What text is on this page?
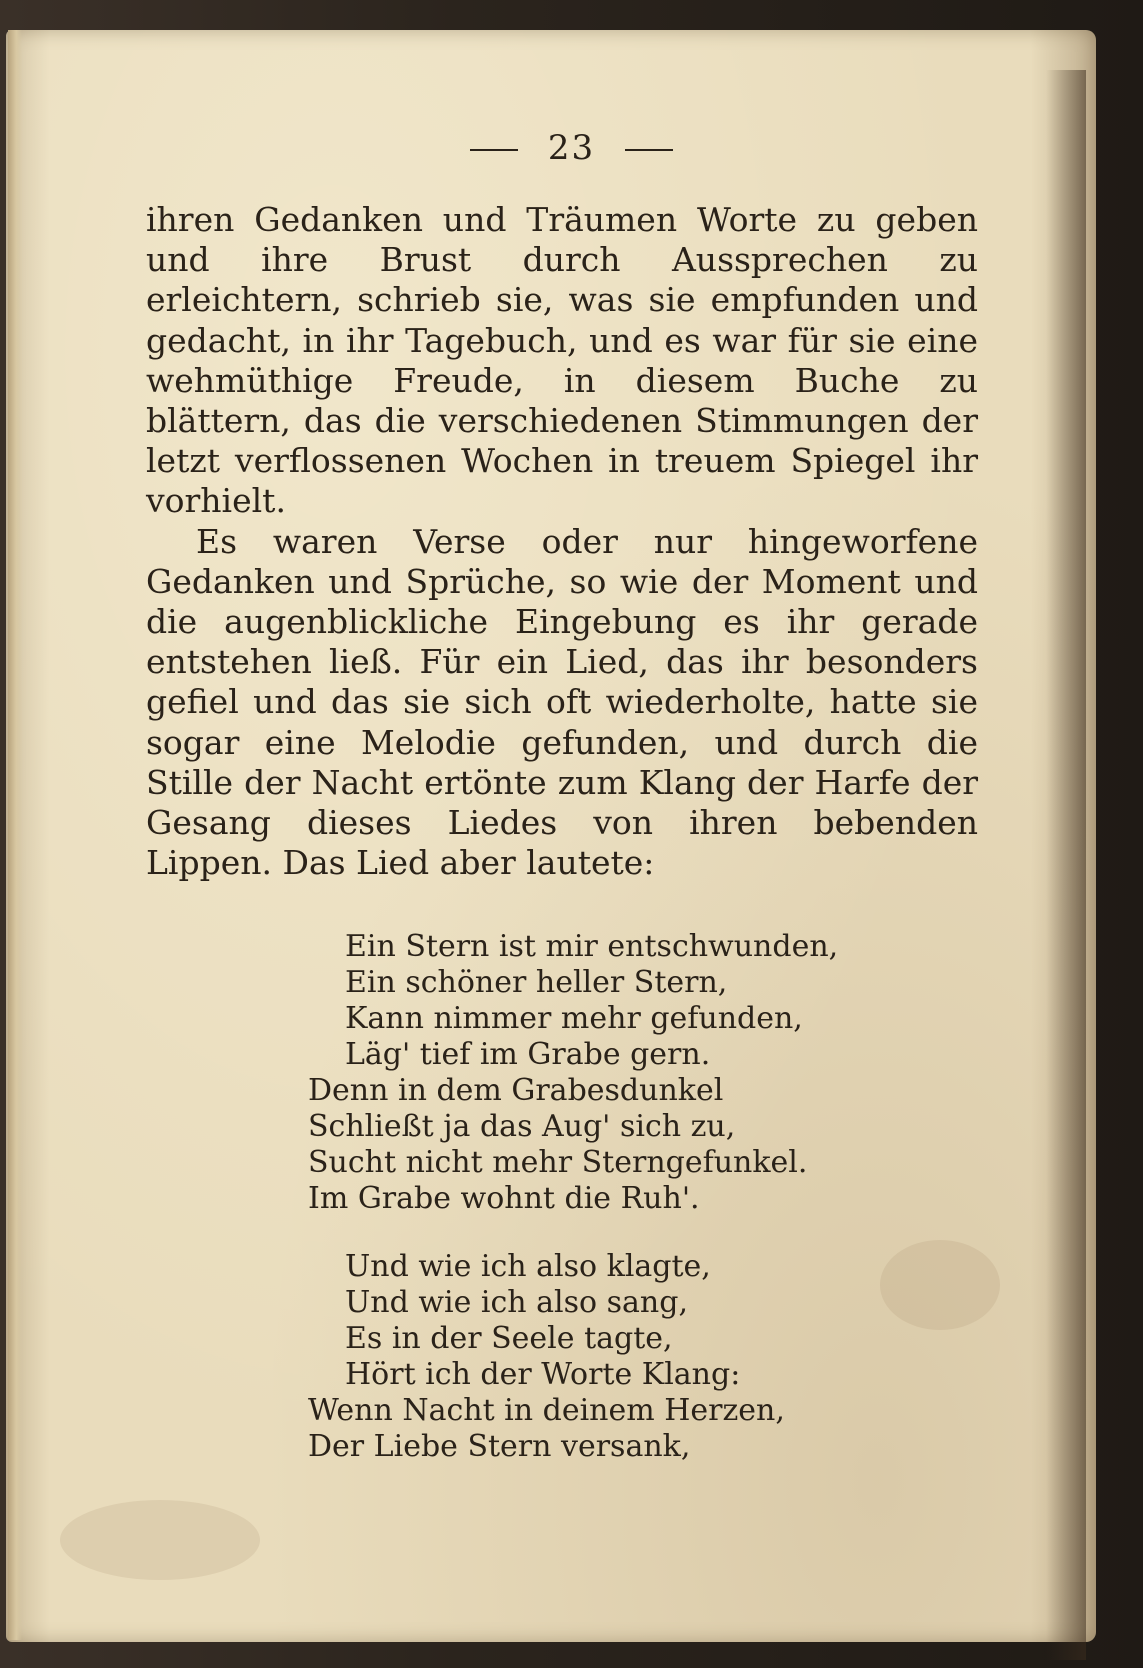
23

ihren Gedanken und Träumen Worte zu geben und ihre Brust durch Aussprechen zu erleichtern, schrieb sie, was sie empfunden und gedacht, in ihr Tagebuch, und es war für sie eine wehmüthige Freude, in diesem Buche zu blättern, das die verschiedenen Stimmungen der letzt verflossenen Wochen in treuem Spiegel ihr vorhielt.

Es waren Verse oder nur hingeworfene Gedanken und Sprüche, so wie der Moment und die augenblickliche Eingebung es ihr gerade entstehen ließ. Für ein Lied, das ihr besonders gefiel und das sie sich oft wiederholte, hatte sie sogar eine Melodie gefunden, und durch die Stille der Nacht ertönte zum Klang der Harfe der Gesang dieses Liedes von ihren bebenden Lippen. Das Lied aber lautete:

Ein Stern ist mir entschwunden,
Ein schöner heller Stern,
Kann nimmer mehr gefunden,
Läg' tief im Grabe gern.
Denn in dem Grabesdunkel
Schließt ja das Aug' sich zu,
Sucht nicht mehr Sterngefunkel.
Im Grabe wohnt die Ruh'.
Und wie ich also klagte,
Und wie ich also sang,
Es in der Seele tagte,
Hört ich der Worte Klang:
Wenn Nacht in deinem Herzen,
Der Liebe Stern versank,
